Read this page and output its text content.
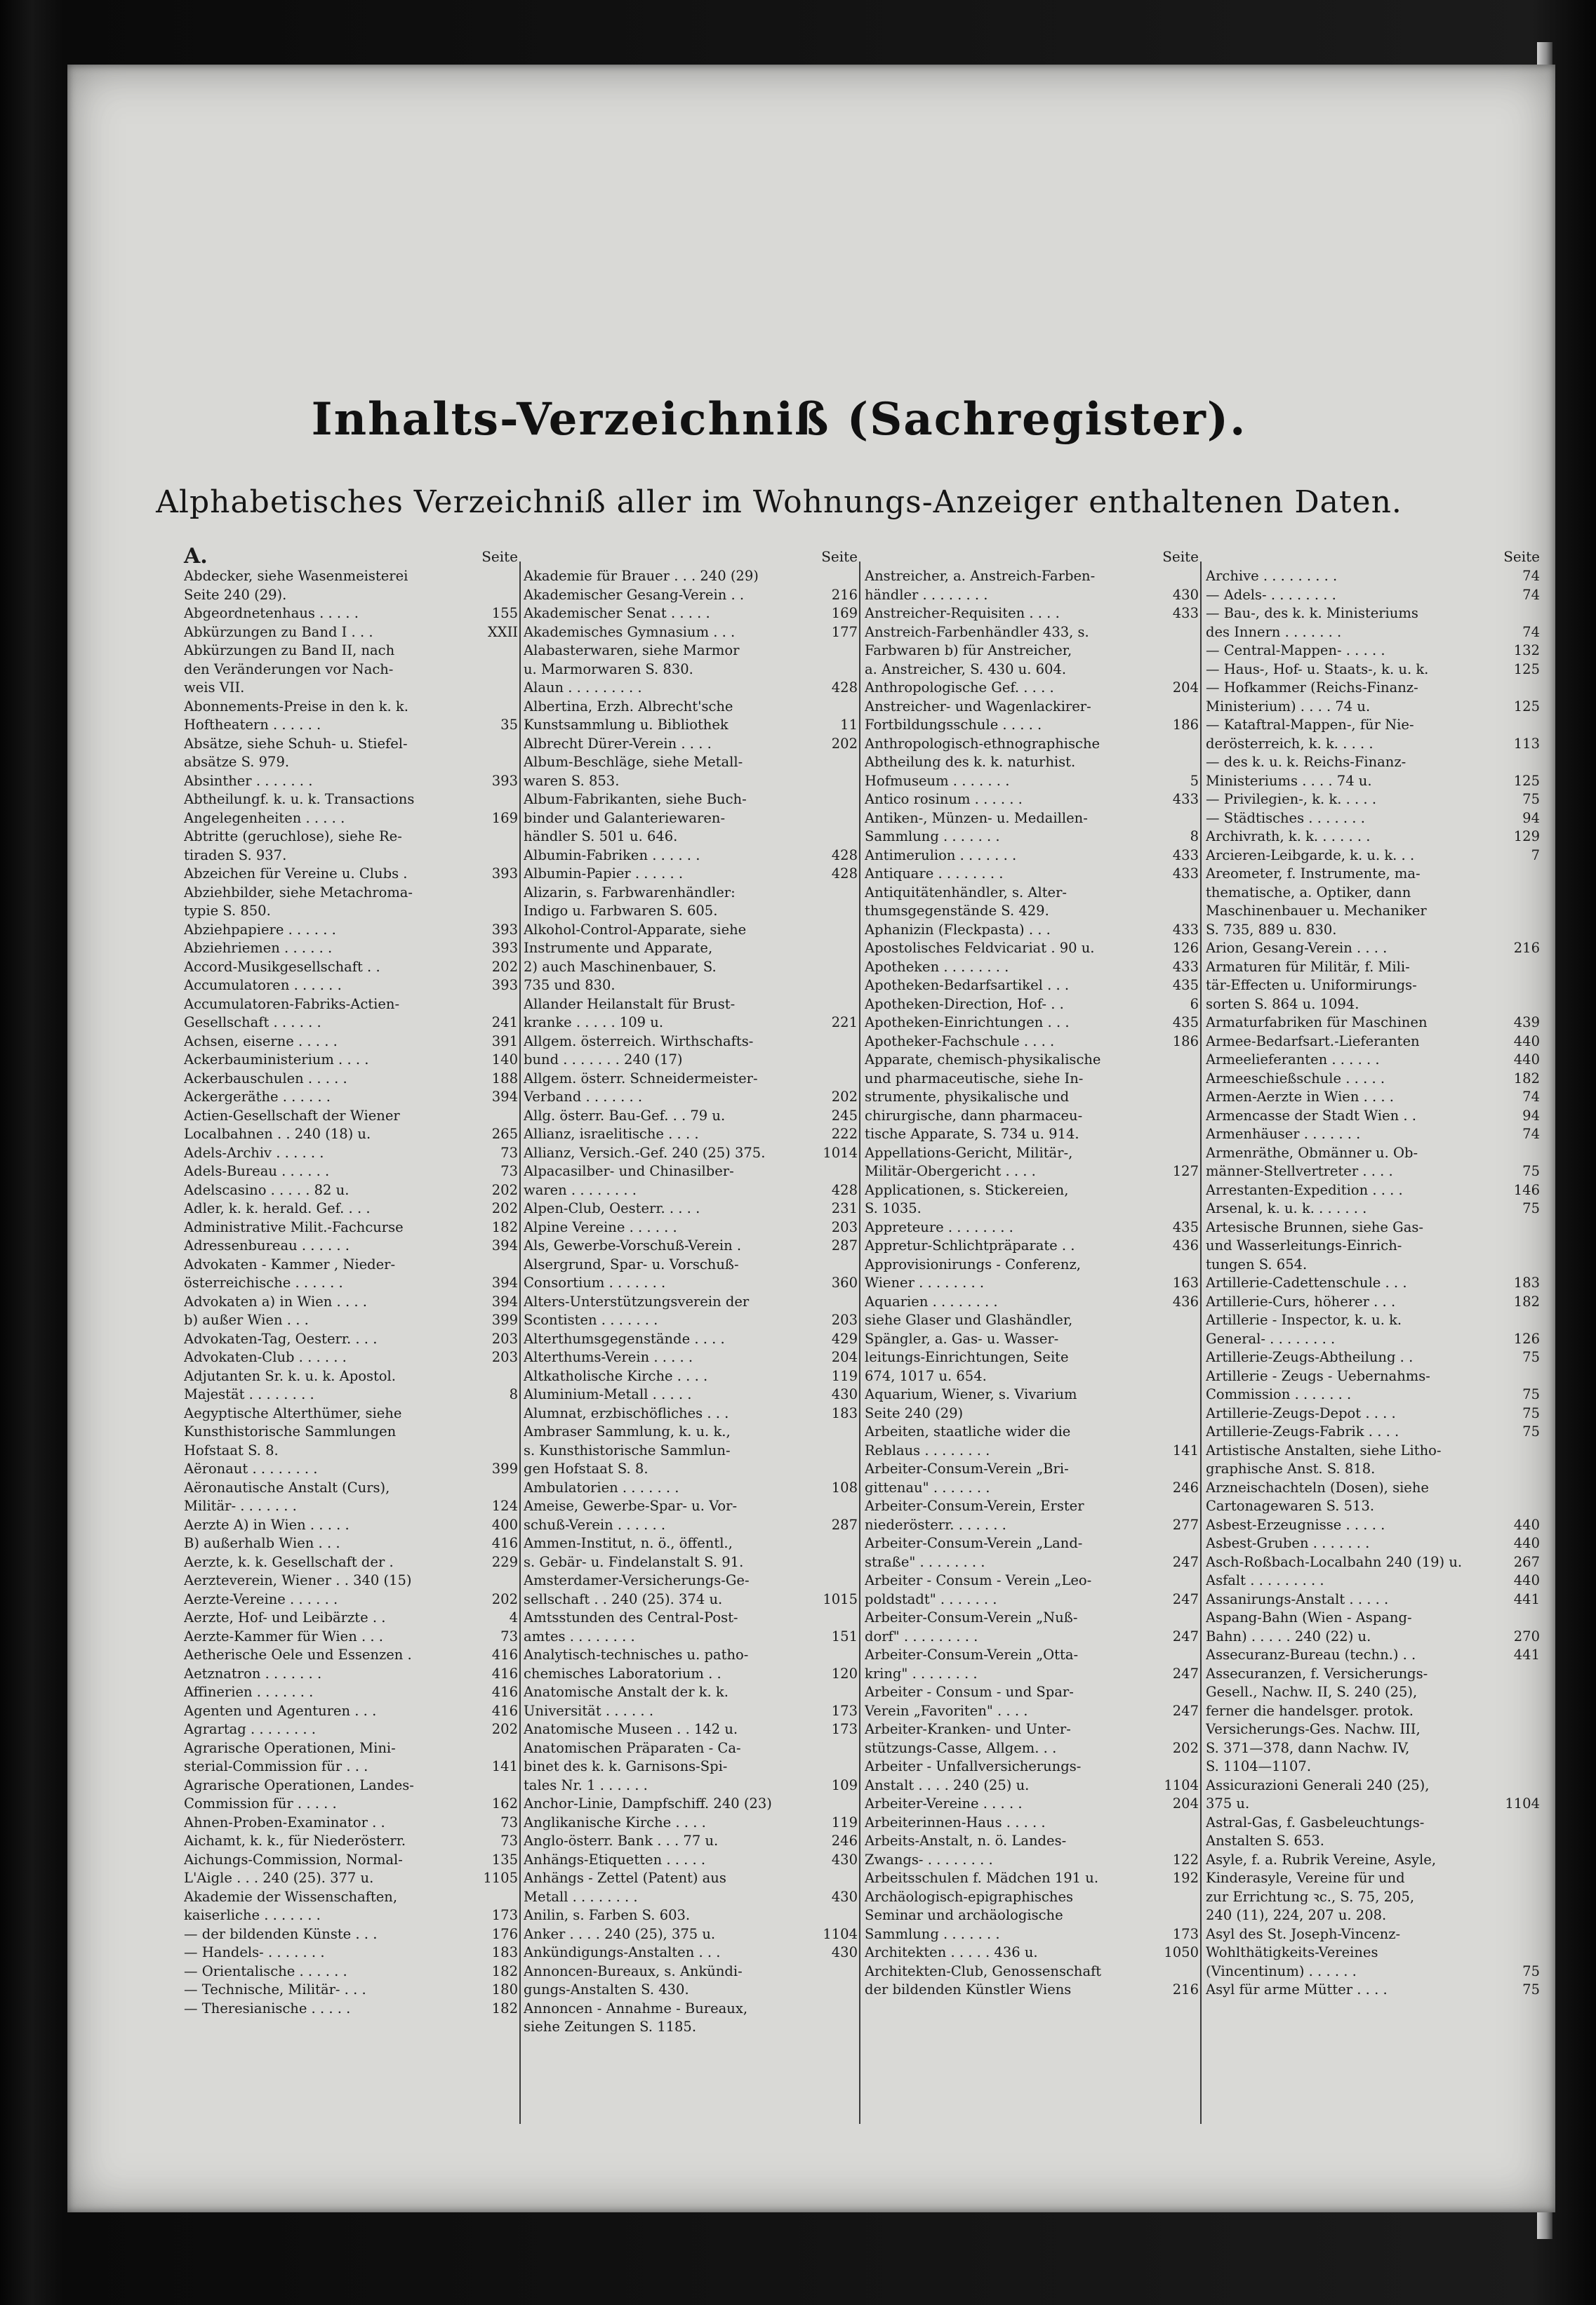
Inhalts-Verzeichniß (Sachregister).
Alphabetisches Verzeichniß aller im Wohnungs-Anzeiger enthaltenen Daten.
A.	Seite
Abdecker, siehe Wasenmeisterei
Seite 240 (29).
Abgeordnetenhaus . . . . .	155
Abkürzungen zu Band I . . .	XXII
Abkürzungen zu Band II, nach
den Veränderungen vor Nach-
weis VII.
Abonnements-Preise in den k. k.
Hoftheatern . . . . . .	35
Absätze, siehe Schuh- u. Stiefel-
absätze S. 979.
Absinther . . . . . . .	393
Abtheilungf. k. u. k. Transactions
Angelegenheiten . . . . .	169
Abtritte (geruchlose), siehe Re-
tiraden S. 937.
Abzeichen für Vereine u. Clubs .	393
Abziehbilder, siehe Metachroma-
typie S. 850.
Abziehpapiere . . . . . .	393
Abziehriemen . . . . . .	393
Accord-Musikgesellschaft . .	202
Accumulatoren . . . . . .	393
Accumulatoren-Fabriks-Actien-
Gesellschaft . . . . . .	241
Achsen, eiserne . . . . .	391
Ackerbauministerium . . . .	140
Ackerbauschulen . . . . .	188
Ackergeräthe . . . . . .	394
Actien-Gesellschaft der Wiener
Localbahnen . . 240 (18) u.	265
Adels-Archiv . . . . . .	73
Adels-Bureau . . . . . .	73
Adelscasino . . . . . 82 u.	202
Adler, k. k. herald. Gef. . . .	202
Administrative Milit.-Fachcurse	182
Adressenbureau . . . . . .	394
Advokaten - Kammer , Nieder-
österreichische . . . . . .	394
Advokaten a) in Wien . . . .	394
b) außer Wien . . .	399
Advokaten-Tag, Oesterr. . . .	203
Advokaten-Club . . . . . .	203
Adjutanten Sr. k. u. k. Apostol.
Majestät . . . . . . . .	8
Aegyptische Alterthümer, siehe
Kunsthistorische Sammlungen
Hofstaat S. 8.
Aëronaut . . . . . . . .	399
Aëronautische Anstalt (Curs),
Militär- . . . . . . .	124
Aerzte A) in Wien . . . . .	400
B) außerhalb Wien . . .	416
Aerzte, k. k. Gesellschaft der .	229
Aerzteverein, Wiener . . 340 (15)
Aerzte-Vereine . . . . . .	202
Aerzte, Hof- und Leibärzte . .	4
Aerzte-Kammer für Wien . . .	73
Aetherische Oele und Essenzen .	416
Aetznatron . . . . . . .	416
Affinerien . . . . . . .	416
Agenten und Agenturen . . .	416
Agrartag . . . . . . . .	202
Agrarische Operationen, Mini-
sterial-Commission für . . .	141
Agrarische Operationen, Landes-
Commission für . . . . .	162
Ahnen-Proben-Examinator . .	73
Aichamt, k. k., für Niederösterr.	73
Aichungs-Commission, Normal-	135
L'Aigle . . . 240 (25). 377 u.	1105
Akademie der Wissenschaften,
kaiserliche . . . . . . .	173
— der bildenden Künste . . .	176
— Handels- . . . . . . .	183
— Orientalische . . . . . .	182
— Technische, Militär- . . .	180
— Theresianische . . . . .	182
Seite
Akademie für Brauer . . . 240 (29)
Akademischer Gesang-Verein . .	216
Akademischer Senat . . . . .	169
Akademisches Gymnasium . . .	177
Alabasterwaren, siehe Marmor
u. Marmorwaren S. 830.
Alaun . . . . . . . . .	428
Albertina, Erzh. Albrecht'sche
Kunstsammlung u. Bibliothek	11
Albrecht Dürer-Verein . . . .	202
Album-Beschläge, siehe Metall-
waren S. 853.
Album-Fabrikanten, siehe Buch-
binder und Galanteriewaren-
händler S. 501 u. 646.
Albumin-Fabriken . . . . . .	428
Albumin-Papier . . . . . .	428
Alizarin, s. Farbwarenhändler:
Indigo u. Farbwaren S. 605.
Alkohol-Control-Apparate, siehe
Instrumente und Apparate,
2) auch Maschinenbauer, S.
735 und 830.
Allander Heilanstalt für Brust-
kranke . . . . . 109 u.	221
Allgem. österreich. Wirthschafts-
bund . . . . . . . 240 (17)
Allgem. österr. Schneidermeister-
Verband . . . . . . .	202
Allg. österr. Bau-Gef. . . 79 u.	245
Allianz, israelitische . . . .	222
Allianz, Versich.-Gef. 240 (25) 375.	1014
Alpacasilber- und Chinasilber-
waren . . . . . . . .	428
Alpen-Club, Oesterr. . . . .	231
Alpine Vereine . . . . . .	203
Als, Gewerbe-Vorschuß-Verein .	287
Alsergrund, Spar- u. Vorschuß-
Consortium . . . . . . .	360
Alters-Unterstützungsverein der
Scontisten . . . . . . .	203
Alterthumsgegenstände . . . .	429
Alterthums-Verein . . . . .	204
Altkatholische Kirche . . . .	119
Aluminium-Metall . . . . .	430
Alumnat, erzbischöfliches . . .	183
Ambraser Sammlung, k. u. k.,
s. Kunsthistorische Sammlun-
gen Hofstaat S. 8.
Ambulatorien . . . . . . .	108
Ameise, Gewerbe-Spar- u. Vor-
schuß-Verein . . . . . .	287
Ammen-Institut, n. ö., öffentl.,
s. Gebär- u. Findelanstalt S. 91.
Amsterdamer-Versicherungs-Ge-
sellschaft . . 240 (25). 374 u.	1015
Amtsstunden des Central-Post-
amtes . . . . . . . .	151
Analytisch-technisches u. patho-
chemisches Laboratorium . .	120
Anatomische Anstalt der k. k.
Universität . . . . . .	173
Anatomische Museen . . 142 u.	173
Anatomischen Präparaten - Ca-
binet des k. k. Garnisons-Spi-
tales Nr. 1 . . . . . .	109
Anchor-Linie, Dampfschiff. 240 (23)
Anglikanische Kirche . . . .	119
Anglo-österr. Bank . . . 77 u.	246
Anhängs-Etiquetten . . . . .	430
Anhängs - Zettel (Patent) aus
Metall . . . . . . . .	430
Anilin, s. Farben S. 603.
Anker . . . . 240 (25), 375 u.	1104
Ankündigungs-Anstalten . . .	430
Annoncen-Bureaux, s. Ankündi-
gungs-Anstalten S. 430.
Annoncen - Annahme - Bureaux,
siehe Zeitungen S. 1185.
Seite
Anstreicher, a. Anstreich-Farben-
händler . . . . . . . .	430
Anstreicher-Requisiten . . . .	433
Anstreich-Farbenhändler 433, s.
Farbwaren b) für Anstreicher,
a. Anstreicher, S. 430 u. 604.
Anthropologische Gef. . . . .	204
Anstreicher- und Wagenlackirer-
Fortbildungsschule . . . . .	186
Anthropologisch-ethnographische
Abtheilung des k. k. naturhist.
Hofmuseum . . . . . . .	5
Antico rosinum . . . . . .	433
Antiken-, Münzen- u. Medaillen-
Sammlung . . . . . . .	8
Antimerulion . . . . . . .	433
Antiquare . . . . . . . .	433
Antiquitätenhändler, s. Alter-
thumsgegenstände S. 429.
Aphanizin (Fleckpasta) . . .	433
Apostolisches Feldvicariat . 90 u.	126
Apotheken . . . . . . . .	433
Apotheken-Bedarfsartikel . . .	435
Apotheken-Direction, Hof- . .	6
Apotheken-Einrichtungen . . .	435
Apotheker-Fachschule . . . .	186
Apparate, chemisch-physikalische
und pharmaceutische, siehe In-
strumente, physikalische und
chirurgische, dann pharmaceu-
tische Apparate, S. 734 u. 914.
Appellations-Gericht, Militär-,
Militär-Obergericht . . . .	127
Applicationen, s. Stickereien,
S. 1035.
Appreteure . . . . . . . .	435
Appretur-Schlichtpräparate . .	436
Approvisionirungs - Conferenz,
Wiener . . . . . . . .	163
Aquarien . . . . . . . .	436
siehe Glaser und Glashändler,
Spängler, a. Gas- u. Wasser-
leitungs-Einrichtungen, Seite
674, 1017 u. 654.
Aquarium, Wiener, s. Vivarium
Seite 240 (29)
Arbeiten, staatliche wider die
Reblaus . . . . . . . .	141
Arbeiter-Consum-Verein „Bri-
gittenau" . . . . . . .	246
Arbeiter-Consum-Verein, Erster
niederösterr. . . . . . .	277
Arbeiter-Consum-Verein „Land-
straße" . . . . . . . .	247
Arbeiter - Consum - Verein „Leo-
poldstadt" . . . . . . .	247
Arbeiter-Consum-Verein „Nuß-
dorf" . . . . . . . . .	247
Arbeiter-Consum-Verein „Otta-
kring" . . . . . . . .	247
Arbeiter - Consum - und Spar-
Verein „Favoriten" . . . .	247
Arbeiter-Kranken- und Unter-
stützungs-Casse, Allgem. . .	202
Arbeiter - Unfallversicherungs-
Anstalt . . . . 240 (25) u.	1104
Arbeiter-Vereine . . . . .	204
Arbeiterinnen-Haus . . . . .
Arbeits-Anstalt, n. ö. Landes-
Zwangs- . . . . . . . .	122
Arbeitsschulen f. Mädchen 191 u.	192
Archäologisch-epigraphisches
Seminar und archäologische
Sammlung . . . . . . .	173
Architekten . . . . . 436 u.	1050
Architekten-Club, Genossenschaft
der bildenden Künstler Wiens	216
Seite
Archive . . . . . . . . .	74
— Adels- . . . . . . . .	74
— Bau-, des k. k. Ministeriums
des Innern . . . . . . .	74
— Central-Mappen- . . . . .	132
— Haus-, Hof- u. Staats-, k. u. k.	125
— Hofkammer (Reichs-Finanz-
Ministerium) . . . . 74 u.	125
— Kataftral-Mappen-, für Nie-
derösterreich, k. k. . . . .	113
— des k. u. k. Reichs-Finanz-
Ministeriums . . . . 74 u.	125
— Privilegien-, k. k. . . . .	75
— Städtisches . . . . . . .	94
Archivrath, k. k. . . . . . .	129
Arcieren-Leibgarde, k. u. k. . .	7
Areometer, f. Instrumente, ma-
thematische, a. Optiker, dann
Maschinenbauer u. Mechaniker
S. 735, 889 u. 830.
Arion, Gesang-Verein . . . .	216
Armaturen für Militär, f. Mili-
tär-Effecten u. Uniformirungs-
sorten S. 864 u. 1094.
Armaturfabriken für Maschinen	439
Armee-Bedarfsart.-Lieferanten	440
Armeelieferanten . . . . . .	440
Armeeschießschule . . . . .	182
Armen-Aerzte in Wien . . . .	74
Armencasse der Stadt Wien . .	94
Armenhäuser . . . . . . .	74
Armenräthe, Obmänner u. Ob-
männer-Stellvertreter . . . .	75
Arrestanten-Expedition . . . .	146
Arsenal, k. u. k. . . . . . .	75
Artesische Brunnen, siehe Gas-
und Wasserleitungs-Einrich-
tungen S. 654.
Artillerie-Cadettenschule . . .	183
Artillerie-Curs, höherer . . .	182
Artillerie - Inspector, k. u. k.
General- . . . . . . . .	126
Artillerie-Zeugs-Abtheilung . .	75
Artillerie - Zeugs - Uebernahms-
Commission . . . . . . .	75
Artillerie-Zeugs-Depot . . . .	75
Artillerie-Zeugs-Fabrik . . . .	75
Artistische Anstalten, siehe Litho-
graphische Anst. S. 818.
Arzneischachteln (Dosen), siehe
Cartonagewaren S. 513.
Asbest-Erzeugnisse . . . . .	440
Asbest-Gruben . . . . . . .	440
Asch-Roßbach-Localbahn 240 (19) u.	267
Asfalt . . . . . . . . .	440
Assanirungs-Anstalt . . . . .	441
Aspang-Bahn (Wien - Aspang-
Bahn) . . . . . 240 (22) u.	270
Assecuranz-Bureau (techn.) . .	441
Assecuranzen, f. Versicherungs-
Gesell., Nachw. II, S. 240 (25),
ferner die handelsger. protok.
Versicherungs-Ges. Nachw. III,
S. 371—378, dann Nachw. IV,
S. 1104—1107.
Assicurazioni Generali 240 (25),
375 u.	1104
Astral-Gas, f. Gasbeleuchtungs-
Anstalten S. 653.
Asyle, f. a. Rubrik Vereine, Asyle,
Kinderasyle, Vereine für und
zur Errichtung ꝛc., S. 75, 205,
240 (11), 224, 207 u. 208.
Asyl des St. Joseph-Vincenz-
Wohlthätigkeits-Vereines
(Vincentinum) . . . . . .	75
Asyl für arme Mütter . . . .	75
